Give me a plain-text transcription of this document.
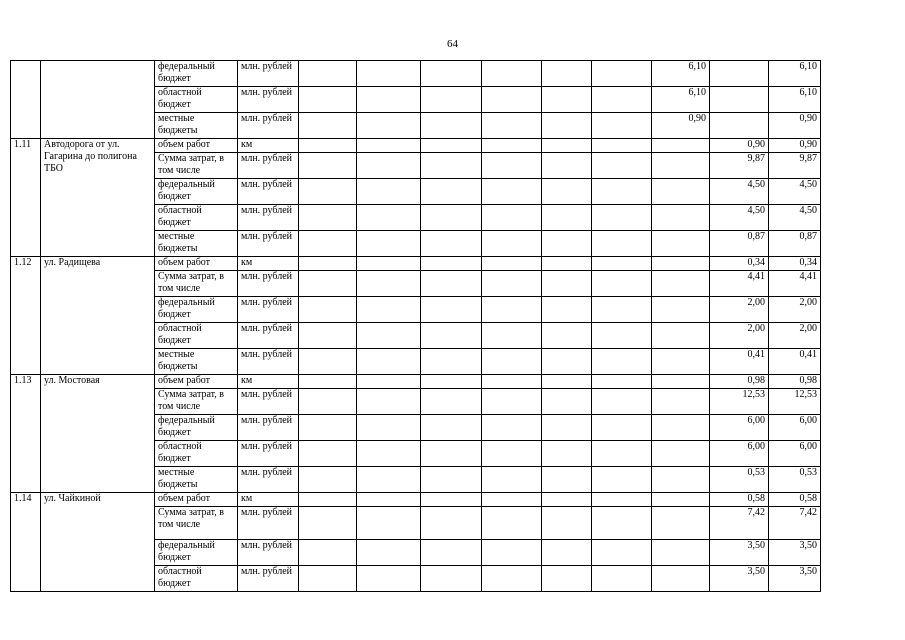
64
		федеральный бюджет	млн. рублей							6,10		6,10
		областной бюджет	млн. рублей							6,10		6,10
		местные бюджеты	млн. рублей							0,90		0,90
1.11	Автодорога от ул. Гагарина до полигона ТБО	объем работ	км								0,90	0,90
		Сумма затрат, в том числе	млн. рублей								9,87	9,87
		федеральный бюджет	млн. рублей								4,50	4,50
		областной бюджет	млн. рублей								4,50	4,50
		местные бюджеты	млн. рублей								0,87	0,87
1.12	ул. Радищева	объем работ	км								0,34	0,34
		Сумма затрат, в том числе	млн. рублей								4,41	4,41
		федеральный бюджет	млн. рублей								2,00	2,00
		областной бюджет	млн. рублей								2,00	2,00
		местные бюджеты	млн. рублей								0,41	0,41
1.13	ул. Мостовая	объем работ	км								0,98	0,98
		Сумма затрат, в том числе	млн. рублей								12,53	12,53
		федеральный бюджет	млн. рублей								6,00	6,00
		областной бюджет	млн. рублей								6,00	6,00
		местные бюджеты	млн. рублей								0,53	0,53
1.14	ул. Чайкиной	объем работ	км								0,58	0,58
		Сумма затрат, в том числе	млн. рублей								7,42	7,42
		федеральный бюджет	млн. рублей								3,50	3,50
		областной бюджет	млн. рублей								3,50	3,50
